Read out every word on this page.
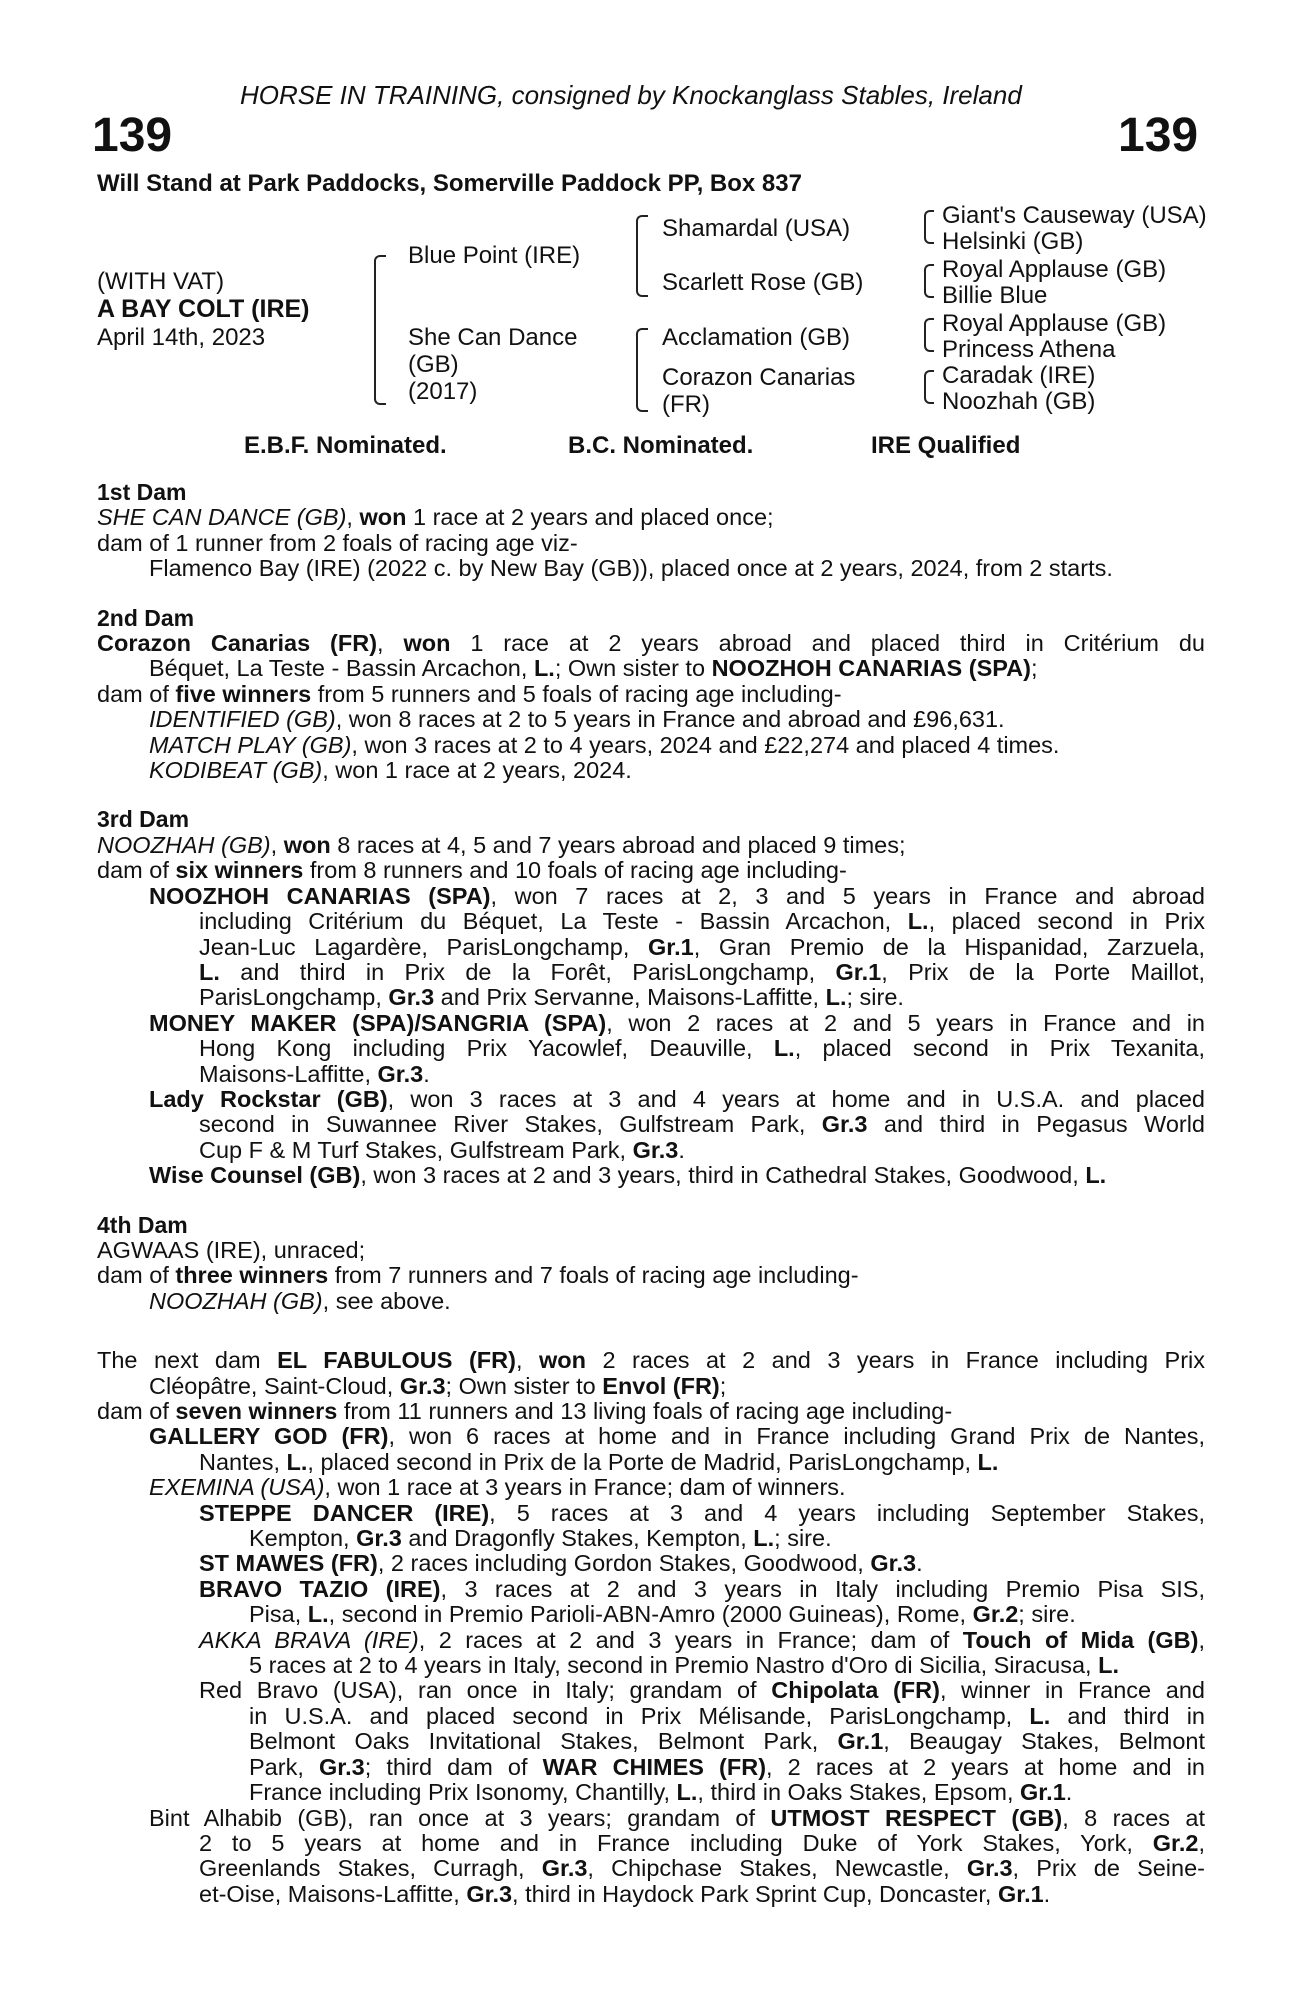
HORSE IN TRAINING, consigned by Knockanglass Stables, Ireland
139	139
Will Stand at Park Paddocks, Somerville Paddock PP, Box 837
(WITH VAT)
A BAY COLT (IRE)
April 14th, 2023
Blue Point (IRE)
She Can Dance
(GB)
(2017)
Shamardal (USA)
Scarlett Rose (GB)
Acclamation (GB)
Corazon Canarias
(FR)
Giant's Causeway (USA)
Helsinki (GB)
Royal Applause (GB)
Billie Blue
Royal Applause (GB)
Princess Athena
Caradak (IRE)
Noozhah (GB)
E.B.F. Nominated.	B.C. Nominated.	IRE Qualified
1st Dam
SHE CAN DANCE (GB), won 1 race at 2 years and placed once;
dam of 1 runner from 2 foals of racing age viz-
Flamenco Bay (IRE) (2022 c. by New Bay (GB)), placed once at 2 years, 2024, from 2 starts.
2nd Dam
Corazon Canarias (FR), won 1 race at 2 years abroad and placed third in Critérium du
Béquet, La Teste - Bassin Arcachon, L.; Own sister to NOOZHOH CANARIAS (SPA);
dam of five winners from 5 runners and 5 foals of racing age including-
IDENTIFIED (GB), won 8 races at 2 to 5 years in France and abroad and £96,631.
MATCH PLAY (GB), won 3 races at 2 to 4 years, 2024 and £22,274 and placed 4 times.
KODIBEAT (GB), won 1 race at 2 years, 2024.
3rd Dam
NOOZHAH (GB), won 8 races at 4, 5 and 7 years abroad and placed 9 times;
dam of six winners from 8 runners and 10 foals of racing age including-
NOOZHOH CANARIAS (SPA), won 7 races at 2, 3 and 5 years in France and abroad
including Critérium du Béquet, La Teste - Bassin Arcachon, L., placed second in Prix
Jean-Luc Lagardère, ParisLongchamp, Gr.1, Gran Premio de la Hispanidad, Zarzuela,
L. and third in Prix de la Forêt, ParisLongchamp, Gr.1, Prix de la Porte Maillot,
ParisLongchamp, Gr.3 and Prix Servanne, Maisons-Laffitte, L.; sire.
MONEY MAKER (SPA)/SANGRIA (SPA), won 2 races at 2 and 5 years in France and in
Hong Kong including Prix Yacowlef, Deauville, L., placed second in Prix Texanita,
Maisons-Laffitte, Gr.3.
Lady Rockstar (GB), won 3 races at 3 and 4 years at home and in U.S.A. and placed
second in Suwannee River Stakes, Gulfstream Park, Gr.3 and third in Pegasus World
Cup F & M Turf Stakes, Gulfstream Park, Gr.3.
Wise Counsel (GB), won 3 races at 2 and 3 years, third in Cathedral Stakes, Goodwood, L.
4th Dam
AGWAAS (IRE), unraced;
dam of three winners from 7 runners and 7 foals of racing age including-
NOOZHAH (GB), see above.
The next dam EL FABULOUS (FR), won 2 races at 2 and 3 years in France including Prix
Cléopâtre, Saint-Cloud, Gr.3; Own sister to Envol (FR);
dam of seven winners from 11 runners and 13 living foals of racing age including-
GALLERY GOD (FR), won 6 races at home and in France including Grand Prix de Nantes,
Nantes, L., placed second in Prix de la Porte de Madrid, ParisLongchamp, L.
EXEMINA (USA), won 1 race at 3 years in France; dam of winners.
STEPPE DANCER (IRE), 5 races at 3 and 4 years including September Stakes,
Kempton, Gr.3 and Dragonfly Stakes, Kempton, L.; sire.
ST MAWES (FR), 2 races including Gordon Stakes, Goodwood, Gr.3.
BRAVO TAZIO (IRE), 3 races at 2 and 3 years in Italy including Premio Pisa SIS,
Pisa, L., second in Premio Parioli-ABN-Amro (2000 Guineas), Rome, Gr.2; sire.
AKKA BRAVA (IRE), 2 races at 2 and 3 years in France; dam of Touch of Mida (GB),
5 races at 2 to 4 years in Italy, second in Premio Nastro d'Oro di Sicilia, Siracusa, L.
Red Bravo (USA), ran once in Italy; grandam of Chipolata (FR), winner in France and
in U.S.A. and placed second in Prix Mélisande, ParisLongchamp, L. and third in
Belmont Oaks Invitational Stakes, Belmont Park, Gr.1, Beaugay Stakes, Belmont
Park, Gr.3; third dam of WAR CHIMES (FR), 2 races at 2 years at home and in
France including Prix Isonomy, Chantilly, L., third in Oaks Stakes, Epsom, Gr.1.
Bint Alhabib (GB), ran once at 3 years; grandam of UTMOST RESPECT (GB), 8 races at
2 to 5 years at home and in France including Duke of York Stakes, York, Gr.2,
Greenlands Stakes, Curragh, Gr.3, Chipchase Stakes, Newcastle, Gr.3, Prix de Seine-
et-Oise, Maisons-Laffitte, Gr.3, third in Haydock Park Sprint Cup, Doncaster, Gr.1.
